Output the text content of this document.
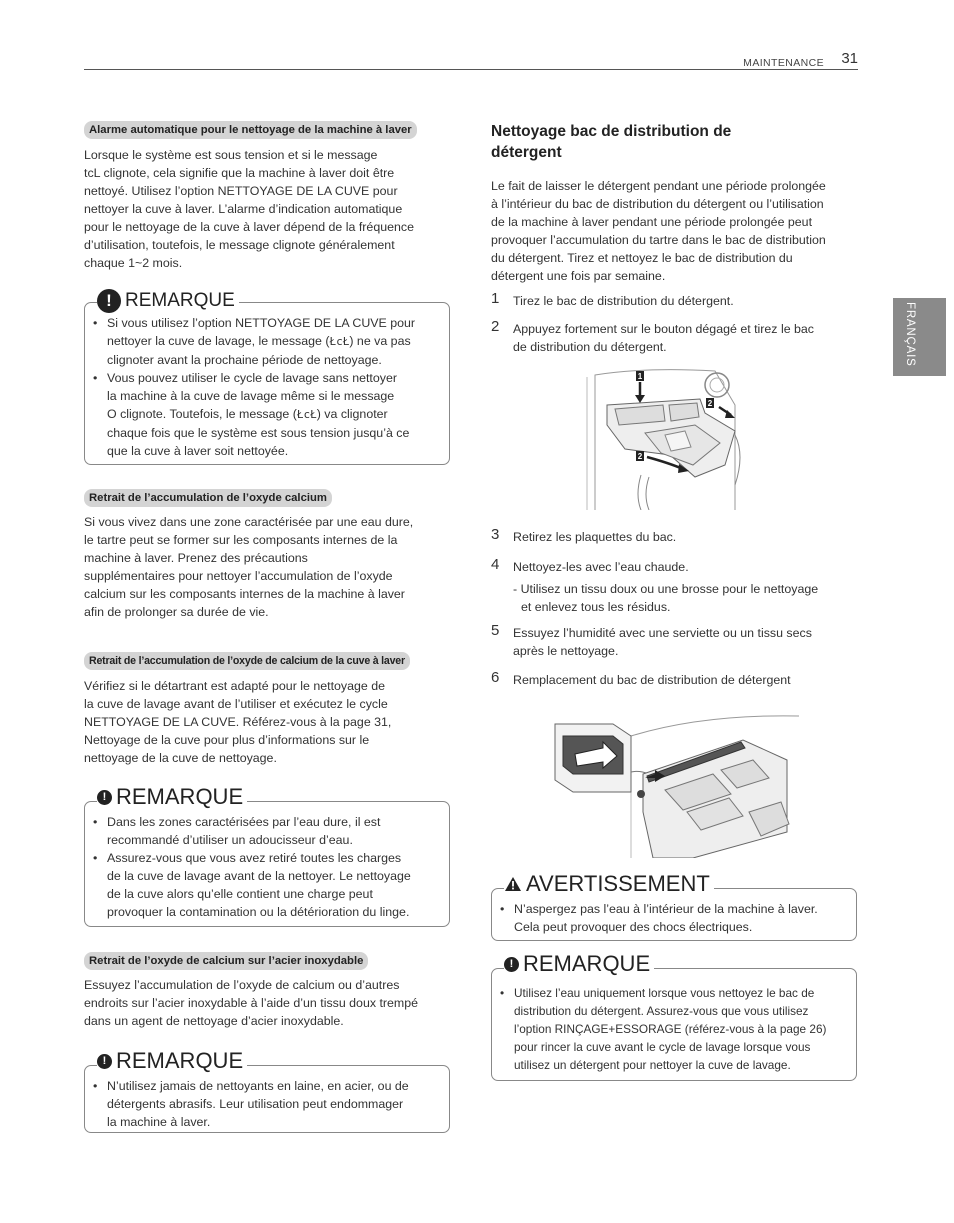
MAINTENANCE 31
FRANÇAIS
Alarme automatique pour le nettoyage de la machine à laver
Lorsque le système est sous tension et si le message
tcL clignote, cela signifie que la machine à laver doit être
nettoyé. Utilisez l’option NETTOYAGE DE LA CUVE pour
nettoyer la cuve à laver. L’alarme d’indication automatique
pour le nettoyage de la cuve à laver dépend de la fréquence
d’utilisation, toutefois, le message clignote généralement
chaque 1~2 mois.
! REMARQUE
• Si vous utilisez l’option NETTOYAGE DE LA CUVE pour
nettoyer la cuve de lavage, le message (ŁcŁ) ne va pas
clignoter avant la prochaine période de nettoyage.
• Vous pouvez utiliser le cycle de lavage sans nettoyer
la machine à la cuve de lavage même si le message
O clignote. Toutefois, le message (ŁcŁ) va clignoter
chaque fois que le système est sous tension jusqu’à ce
que la cuve à laver soit nettoyée.
Retrait de l’accumulation de l’oxyde calcium
Si vous vivez dans une zone caractérisée par une eau dure,
le tartre peut se former sur les composants internes de la
machine à laver. Prenez des précautions
supplémentaires pour nettoyer l’accumulation de l’oxyde
calcium sur les composants internes de la machine à laver
afin de prolonger sa durée de vie.
Retrait de l’accumulation de l’oxyde de calcium de la cuve à laver
Vérifiez si le détartrant est adapté pour le nettoyage de
la cuve de lavage avant de l’utiliser et exécutez le cycle
NETTOYAGE DE LA CUVE. Référez-vous à la page 31,
Nettoyage de la cuve pour plus d’informations sur le
nettoyage de la cuve de nettoyage.
! REMARQUE
• Dans les zones caractérisées par l’eau dure, il est
recommandé d’utiliser un adoucisseur d’eau.
• Assurez-vous que vous avez retiré toutes les charges
de la cuve de lavage avant de la nettoyer. Le nettoyage
de la cuve alors qu’elle contient une charge peut
provoquer la contamination ou la détérioration du linge.
Retrait de l’oxyde de calcium sur l’acier inoxydable
Essuyez l’accumulation de l’oxyde de calcium ou d’autres
endroits sur l’acier inoxydable à l’aide d’un tissu doux trempé
dans un agent de nettoyage d’acier inoxydable.
! REMARQUE
• N’utilisez jamais de nettoyants en laine, en acier, ou de
détergents abrasifs. Leur utilisation peut endommager
la machine à laver.
Nettoyage bac de distribution de
détergent
Le fait de laisser le détergent pendant une période prolongée
à l’intérieur du bac de distribution du détergent ou l’utilisation
de la machine à laver pendant une période prolongée peut
provoquer l’accumulation du tartre dans le bac de distribution
du détergent. Tirez et nettoyez le bac de distribution du
détergent une fois par semaine.
1 Tirez le bac de distribution du détergent.
2 Appuyez fortement sur le bouton dégagé et tirez le bac
de distribution du détergent.
1
2
2
3 Retirez les plaquettes du bac.
4 Nettoyez-les avec l’eau chaude.
- Utilisez un tissu doux ou une brosse pour le nettoyage
et enlevez tous les résidus.
5 Essuyez l’humidité avec une serviette ou un tissu secs
après le nettoyage.
6 Remplacement du bac de distribution de détergent
AVERTISSEMENT
• N’aspergez pas l’eau à l’intérieur de la machine à laver.
Cela peut provoquer des chocs électriques.
! REMARQUE
• Utilisez l’eau uniquement lorsque vous nettoyez le bac de
distribution du détergent. Assurez-vous que vous utilisez
l’option RINÇAGE+ESSORAGE (référez-vous à la page 26)
pour rincer la cuve avant le cycle de lavage lorsque vous
utilisez un détergent pour nettoyer la cuve de lavage.
